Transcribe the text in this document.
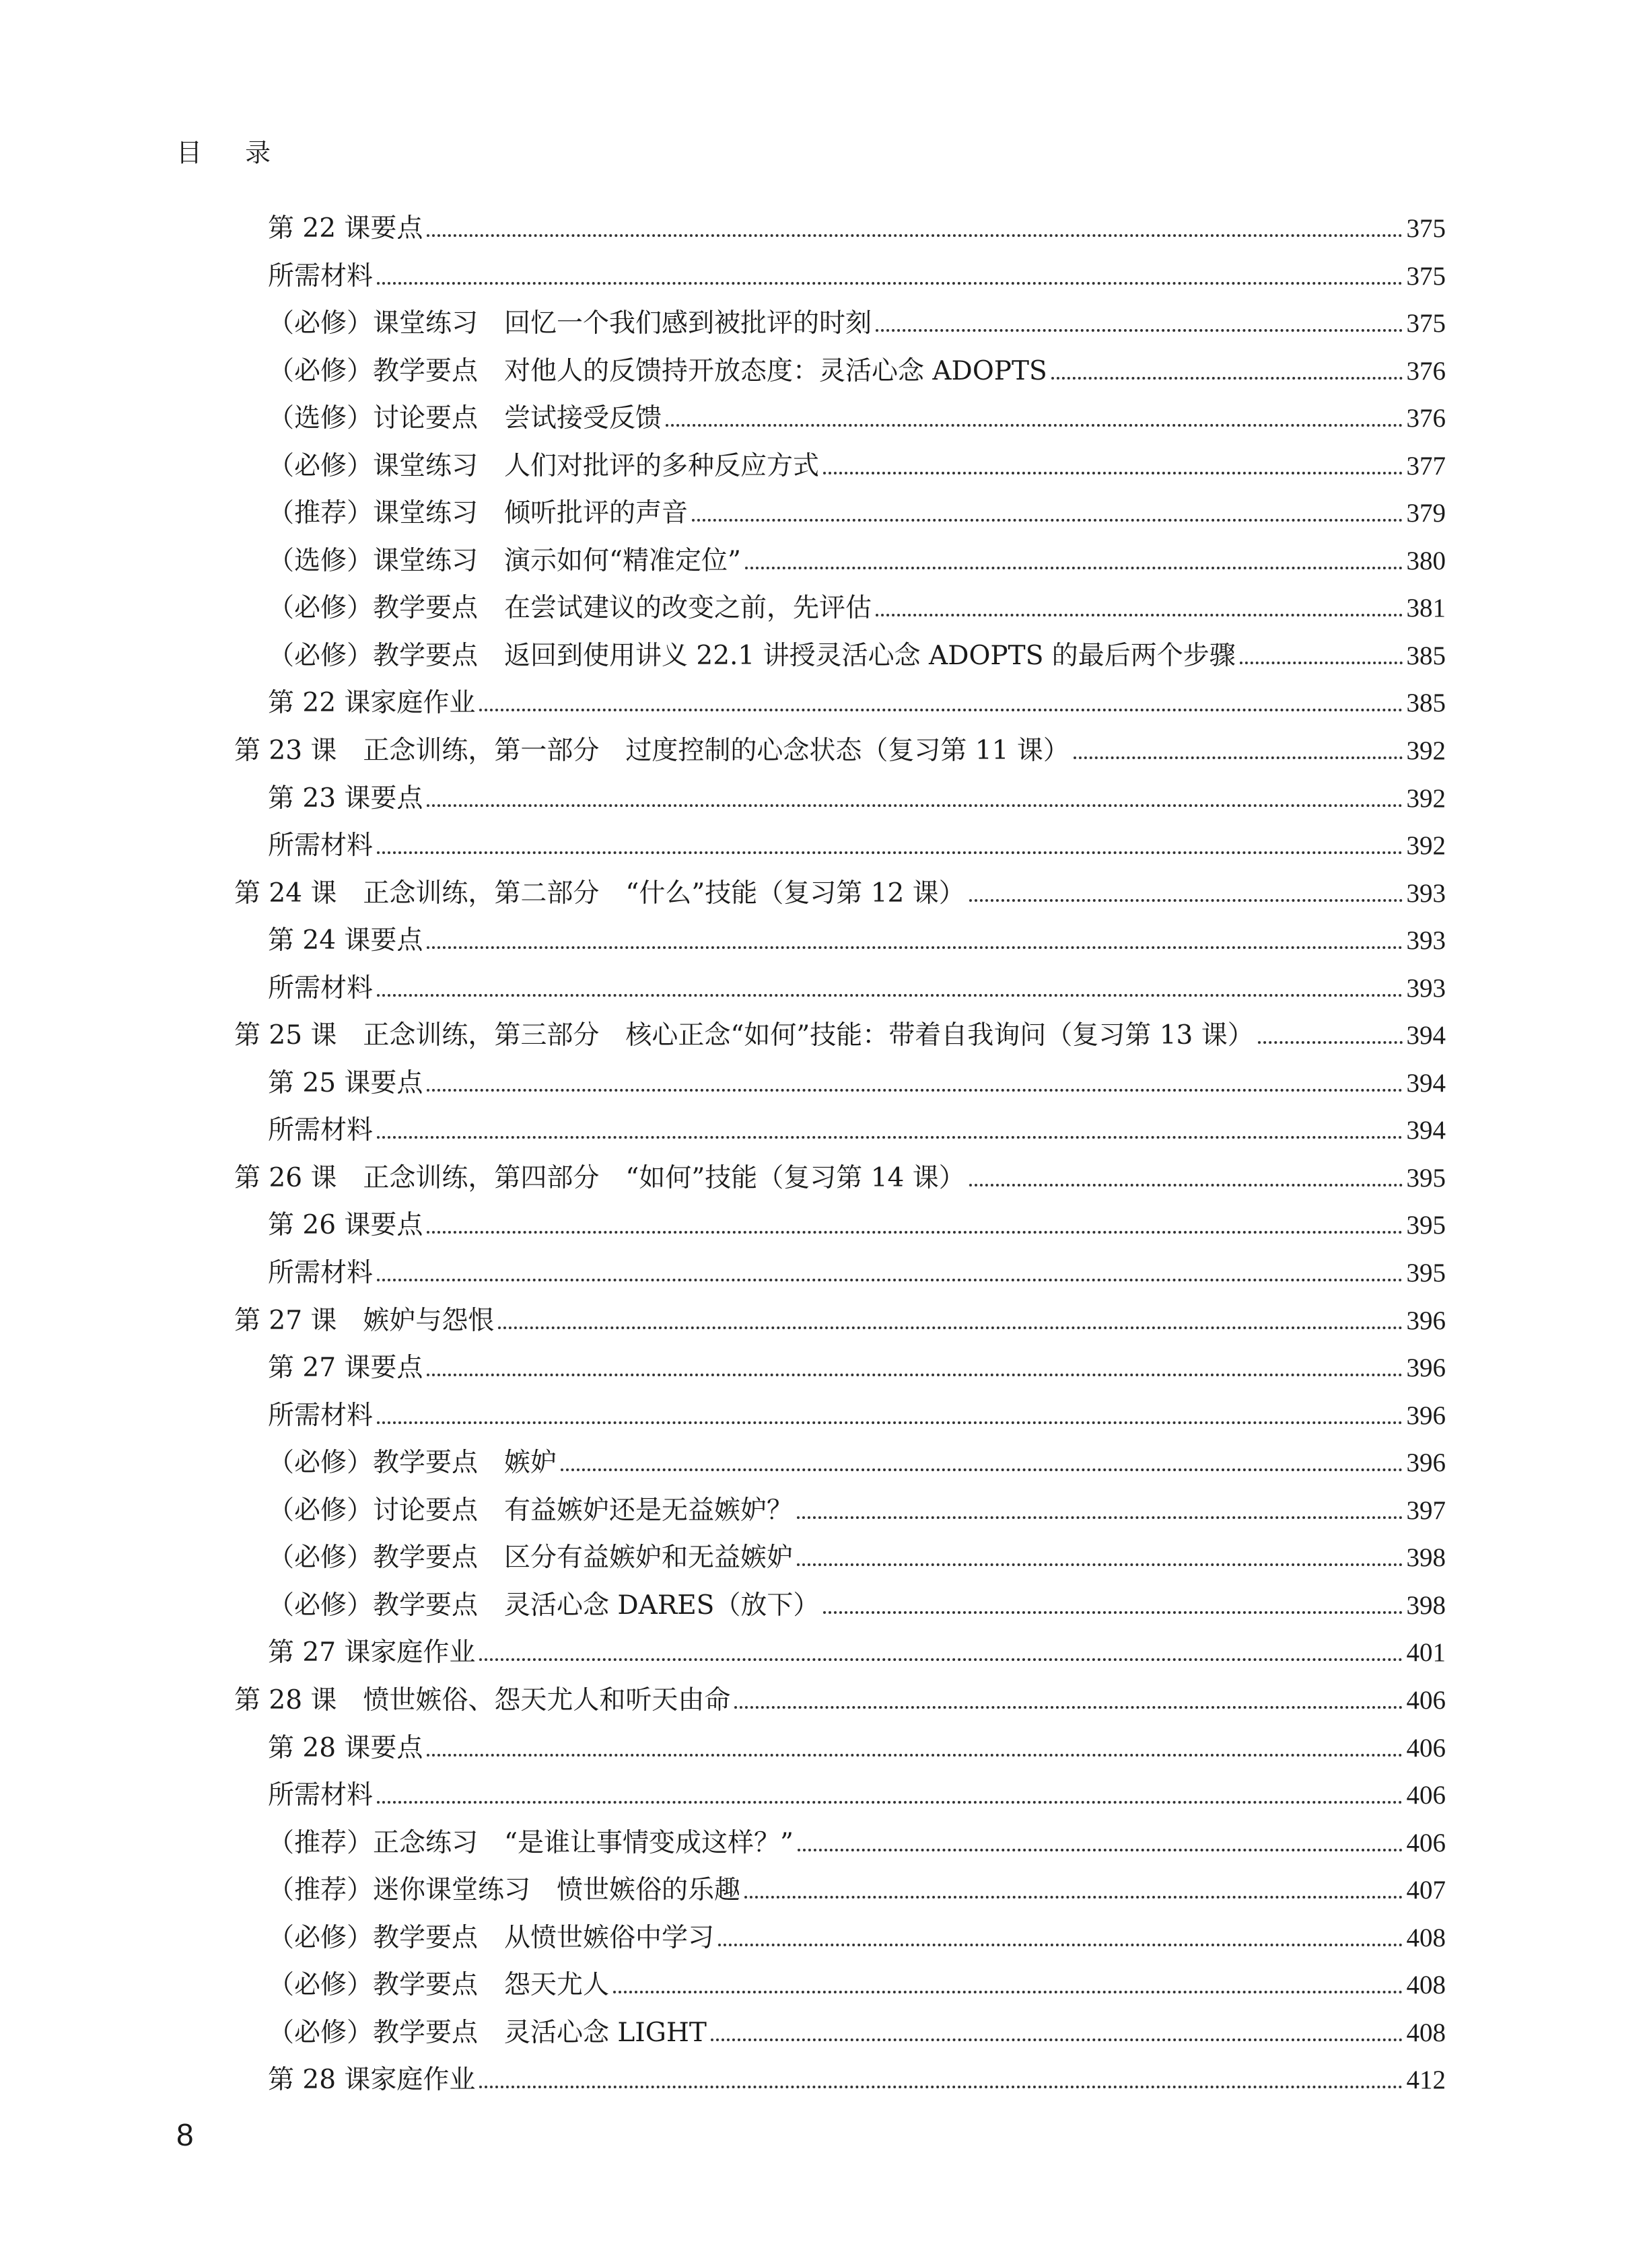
目 录
第 22 课要点	375
所需材料	375
（必修）课堂练习　回忆一个我们感到被批评的时刻	375
（必修）教学要点　对他人的反馈持开放态度：灵活心念 ADOPTS	376
（选修）讨论要点　尝试接受反馈	376
（必修）课堂练习　人们对批评的多种反应方式	377
（推荐）课堂练习　倾听批评的声音	379
（选修）课堂练习　演示如何“精准定位”	380
（必修）教学要点　在尝试建议的改变之前，先评估	381
（必修）教学要点　返回到使用讲义 22.1 讲授灵活心念 ADOPTS 的最后两个步骤	385
第 22 课家庭作业	385
第 23 课　正念训练，第一部分　过度控制的心念状态（复习第 11 课）	392
第 23 课要点	392
所需材料	392
第 24 课　正念训练，第二部分　“什么”技能（复习第 12 课）	393
第 24 课要点	393
所需材料	393
第 25 课　正念训练，第三部分　核心正念“如何”技能：带着自我询问（复习第 13 课）	394
第 25 课要点	394
所需材料	394
第 26 课　正念训练，第四部分　“如何”技能（复习第 14 课）	395
第 26 课要点	395
所需材料	395
第 27 课　嫉妒与怨恨	396
第 27 课要点	396
所需材料	396
（必修）教学要点　嫉妒	396
（必修）讨论要点　有益嫉妒还是无益嫉妒？	397
（必修）教学要点　区分有益嫉妒和无益嫉妒	398
（必修）教学要点　灵活心念 DARES（放下）	398
第 27 课家庭作业	401
第 28 课　愤世嫉俗、怨天尤人和听天由命	406
第 28 课要点	406
所需材料	406
（推荐）正念练习　“是谁让事情变成这样？”	406
（推荐）迷你课堂练习　愤世嫉俗的乐趣	407
（必修）教学要点　从愤世嫉俗中学习	408
（必修）教学要点　怨天尤人	408
（必修）教学要点　灵活心念 LIGHT	408
第 28 课家庭作业	412
8
